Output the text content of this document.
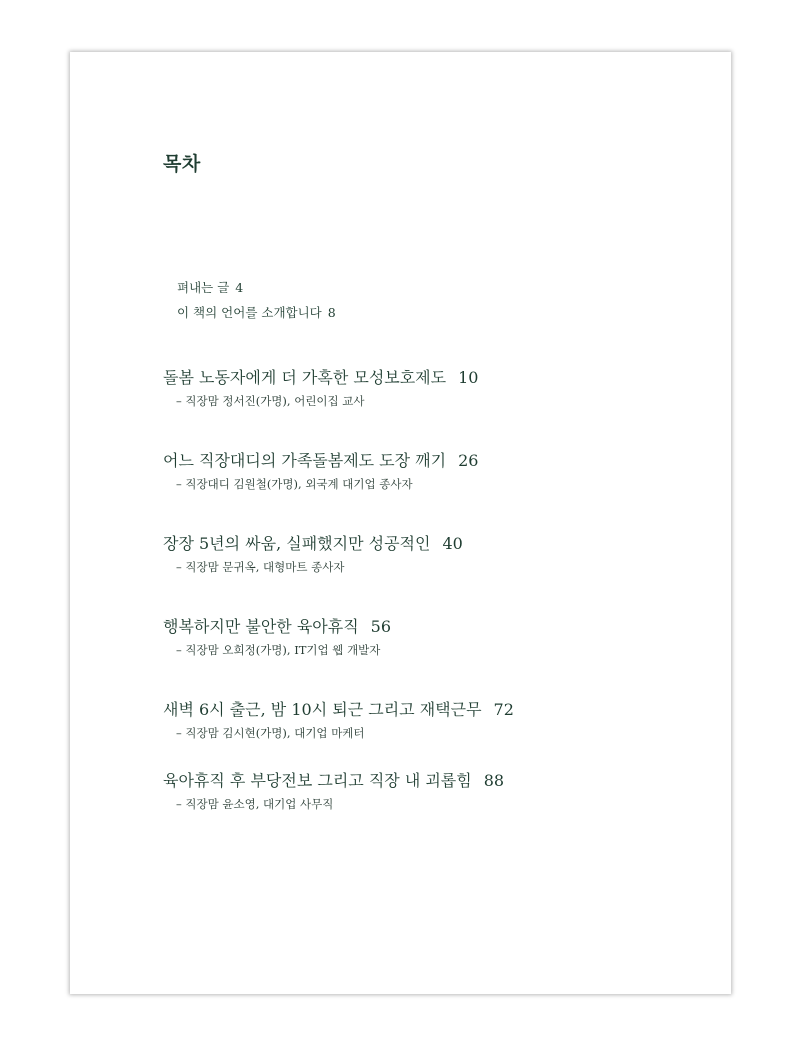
목차
펴내는 글 4
이 책의 언어를 소개합니다 8
돌봄 노동자에게 더 가혹한 모성보호제도 10
– 직장맘 정서진(가명), 어린이집 교사
어느 직장대디의 가족돌봄제도 도장 깨기 26
– 직장대디 김원철(가명), 외국계 대기업 종사자
장장 5년의 싸움, 실패했지만 성공적인 40
– 직장맘 문귀옥, 대형마트 종사자
행복하지만 불안한 육아휴직 56
– 직장맘 오희정(가명), IT기업 웹 개발자
새벽 6시 출근, 밤 10시 퇴근 그리고 재택근무 72
– 직장맘 김시현(가명), 대기업 마케터
육아휴직 후 부당전보 그리고 직장 내 괴롭힘 88
– 직장맘 윤소영, 대기업 사무직
